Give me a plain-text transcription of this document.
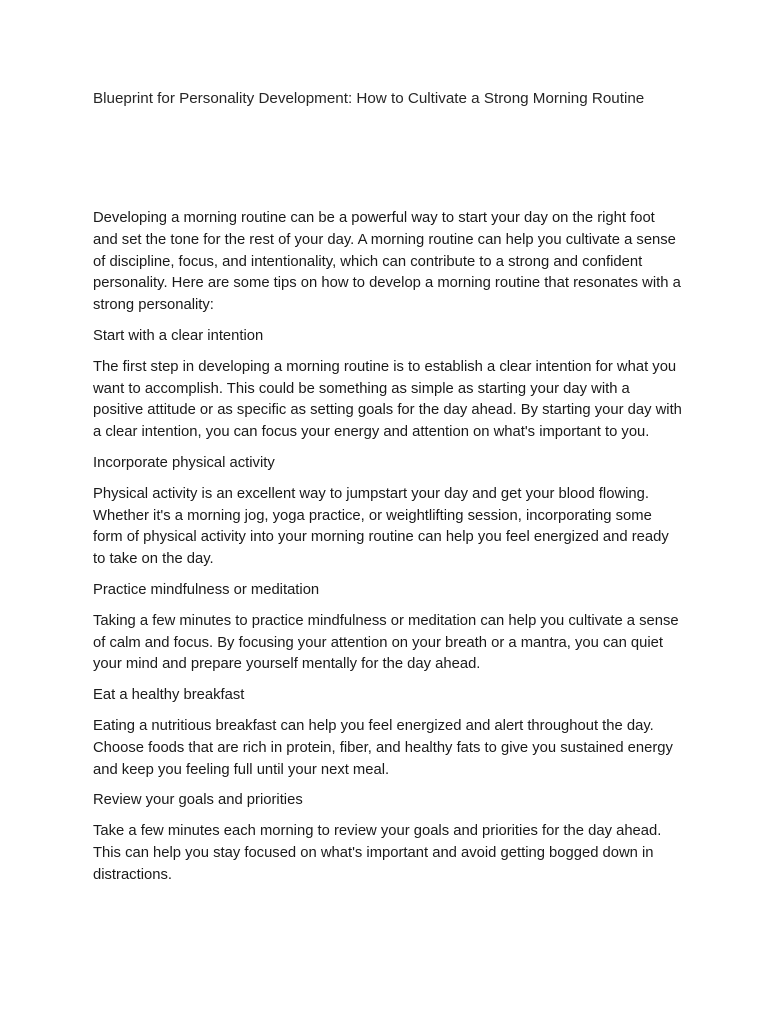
Blueprint for Personality Development: How to Cultivate a Strong Morning Routine

Developing a morning routine can be a powerful way to start your day on the right foot and set the tone for the rest of your day. A morning routine can help you cultivate a sense of discipline, focus, and intentionality, which can contribute to a strong and confident personality. Here are some tips on how to develop a morning routine that resonates with a strong personality:

Start with a clear intention

The first step in developing a morning routine is to establish a clear intention for what you want to accomplish. This could be something as simple as starting your day with a positive attitude or as specific as setting goals for the day ahead. By starting your day with a clear intention, you can focus your energy and attention on what's important to you.

Incorporate physical activity

Physical activity is an excellent way to jumpstart your day and get your blood flowing. Whether it's a morning jog, yoga practice, or weightlifting session, incorporating some form of physical activity into your morning routine can help you feel energized and ready to take on the day.

Practice mindfulness or meditation

Taking a few minutes to practice mindfulness or meditation can help you cultivate a sense of calm and focus. By focusing your attention on your breath or a mantra, you can quiet your mind and prepare yourself mentally for the day ahead.

Eat a healthy breakfast

Eating a nutritious breakfast can help you feel energized and alert throughout the day. Choose foods that are rich in protein, fiber, and healthy fats to give you sustained energy and keep you feeling full until your next meal.

Review your goals and priorities

Take a few minutes each morning to review your goals and priorities for the day ahead. This can help you stay focused on what's important and avoid getting bogged down in distractions.
